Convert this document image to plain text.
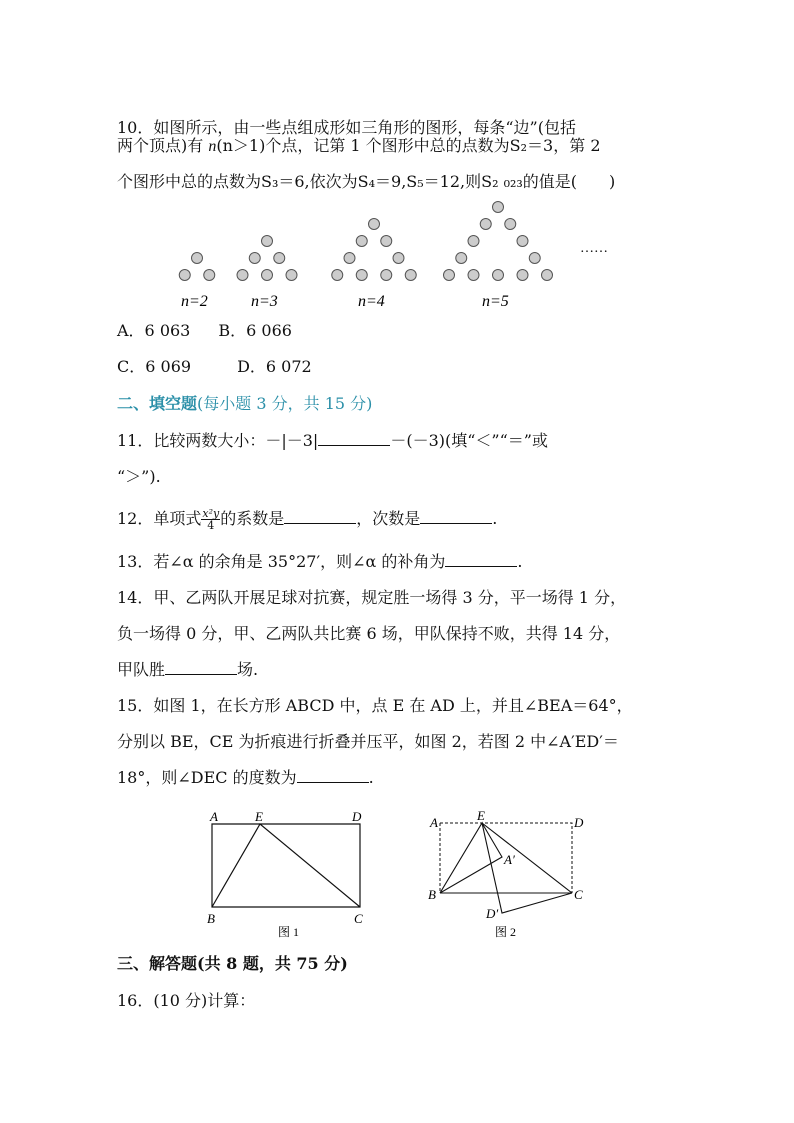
10．如图所示，由一些点组成形如三角形的图形，每条“边”(包括
两个顶点)有 n(n＞1)个点，记第 1 个图形中总的点数为S₂＝3，第 2
个图形中总的点数为S₃＝6,依次为S₄＝9,S₅＝12,则S₂ ₀₂₃的值是(　　)
n=2	n=3	n=4	n=5
……
A．6 063 B．6 066
C．6 069	D．6 072
二、填空题(每小题 3 分，共 15 分)
11．比较两数大小：－|－3|	－(－3)(填“＜”“＝”或
“＞”).
12．单项式 $\frac{\text{x²y}}{4}$ 的系数是	，次数是	.
13．若∠α 的余角是 35°27′，则∠α 的补角为	.
14．甲、乙两队开展足球对抗赛，规定胜一场得 3 分，平一场得 1 分，
负一场得 0 分，甲、乙两队共比赛 6 场，甲队保持不败，共得 14 分，
甲队胜	场.
15．如图 1，在长方形 ABCD 中，点 E 在 AD 上，并且∠BEA＝64°，
分别以 BE，CE 为折痕进行折叠并压平，如图 2，若图 2 中∠A′ED′＝
18°，则∠DEC 的度数为	.
A	E	D
B	C
图 1
A	E	D
A′
B	C
D′
图 2
三、解答题(共 8 题，共 75 分)
16．(10 分)计算：
